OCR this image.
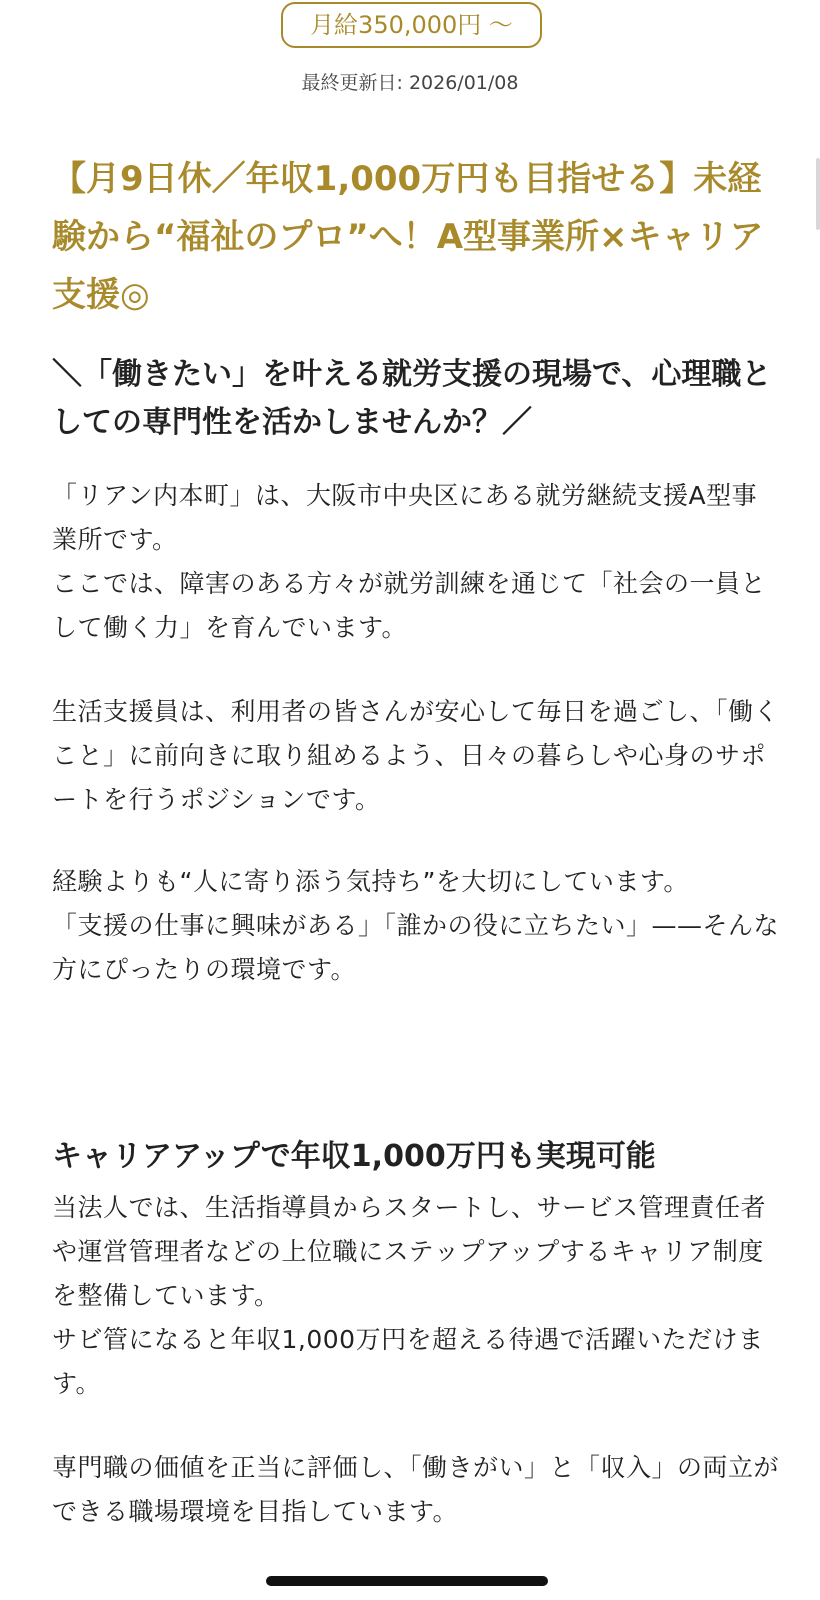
月給350,000円 〜
最終更新日: 2026/01/08
【月9日休／年収1,000万円も目指せる】未経験から“福祉のプロ”へ！A型事業所×キャリア支援◎
＼「働きたい」を叶える就労支援の現場で、心理職としての専門性を活かしませんか？／
「リアン内本町」は、大阪市中央区にある就労継続支援A型事業所です。
ここでは、障害のある方々が就労訓練を通じて「社会の一員として働く力」を育んでいます。
生活支援員は、利用者の皆さんが安心して毎日を過ごし、「働くこと」に前向きに取り組めるよう、日々の暮らしや心身のサポートを行うポジションです。
経験よりも“人に寄り添う気持ち”を大切にしています。
「支援の仕事に興味がある」「誰かの役に立ちたい」——そんな方にぴったりの環境です。
キャリアアップで年収1,000万円も実現可能
当法人では、生活指導員からスタートし、サービス管理責任者や運営管理者などの上位職にステップアップするキャリア制度を整備しています。
サビ管になると年収1,000万円を超える待遇で活躍いただけます。
専門職の価値を正当に評価し、「働きがい」と「収入」の両立ができる職場環境を目指しています。
